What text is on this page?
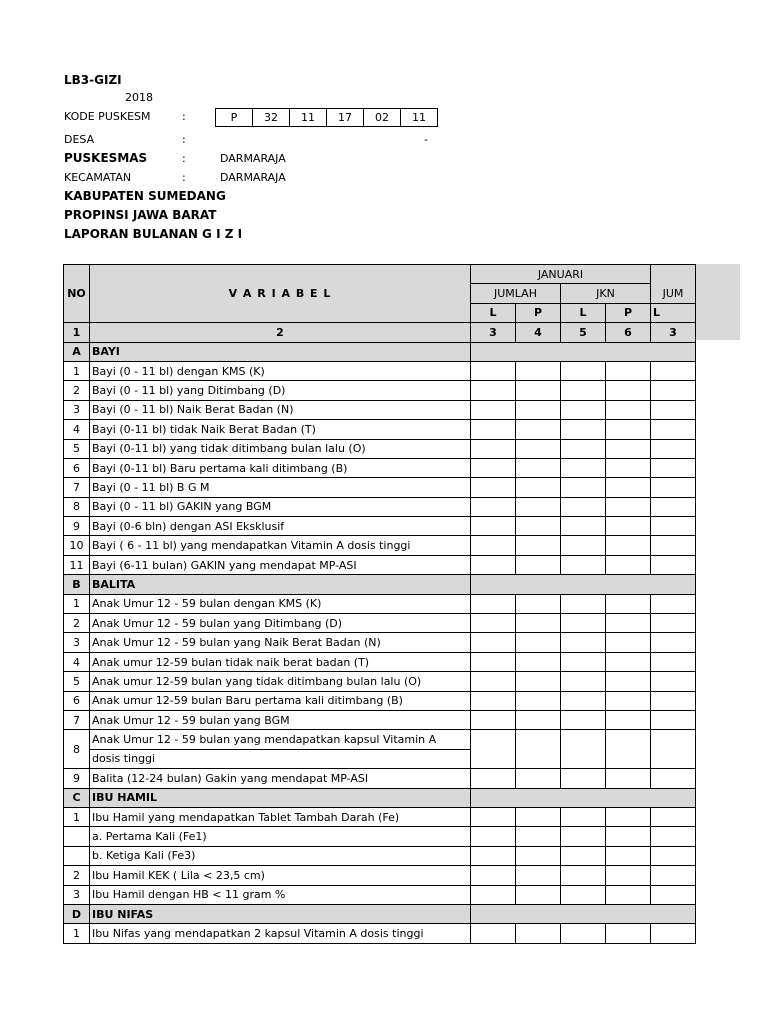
LB3-GIZI
2018
KODE PUSKESM	:	P	32	11	17	02	11
DESA	:	-
PUSKESMAS	:	DARMARAJA
KECAMATAN	:	DARMARAJA
KABUPATEN SUMEDANG
PROPINSI JAWA BARAT
LAPORAN BULANAN G I Z I
NO	V A R I A B E L	JANUARI				
		JUMLAH		JKN		JUM
		L	P	L	P	L
1	2	3	4	5	6	3
A	BAYI					
1	Bayi (0 - 11 bl) dengan KMS (K)					
2	Bayi (0 - 11 bl) yang Ditimbang (D)					
3	Bayi (0 - 11 bl) Naik Berat Badan (N)					
4	Bayi (0-11 bl) tidak Naik Berat Badan (T)					
5	Bayi (0-11 bl) yang tidak ditimbang bulan lalu (O)					
6	Bayi (0-11 bl) Baru pertama kali ditimbang (B)					
7	Bayi (0 - 11 bl) B G M					
8	Bayi (0 - 11 bl) GAKIN yang BGM					
9	Bayi (0-6 bln) dengan ASI Eksklusif					
10	Bayi ( 6 - 11 bl) yang mendapatkan Vitamin A dosis tinggi					
11	Bayi (6-11 bulan) GAKIN yang mendapat MP-ASI					
B	BALITA					
1	Anak Umur 12 - 59 bulan dengan KMS (K)					
2	Anak Umur 12 - 59 bulan yang Ditimbang (D)					
3	Anak Umur 12 - 59 bulan yang Naik Berat Badan (N)					
4	Anak umur 12-59 bulan tidak naik berat badan (T)					
5	Anak umur 12-59 bulan yang tidak ditimbang bulan lalu (O)					
6	Anak umur 12-59 bulan Baru pertama kali ditimbang (B)					
7	Anak Umur 12 - 59 bulan yang BGM					
8	Anak Umur 12 - 59 bulan yang mendapatkan kapsul Vitamin A					
	dosis tinggi					
9	Balita (12-24 bulan) Gakin yang mendapat MP-ASI					
C	IBU HAMIL					
1	Ibu Hamil yang mendapatkan Tablet Tambah Darah (Fe)					
	a. Pertama Kali (Fe1)					
	b. Ketiga Kali (Fe3)					
2	Ibu Hamil KEK ( Lila < 23,5 cm)					
3	Ibu Hamil dengan HB < 11 gram %					
D	IBU NIFAS					
1	Ibu Nifas yang mendapatkan 2 kapsul Vitamin A dosis tinggi					
